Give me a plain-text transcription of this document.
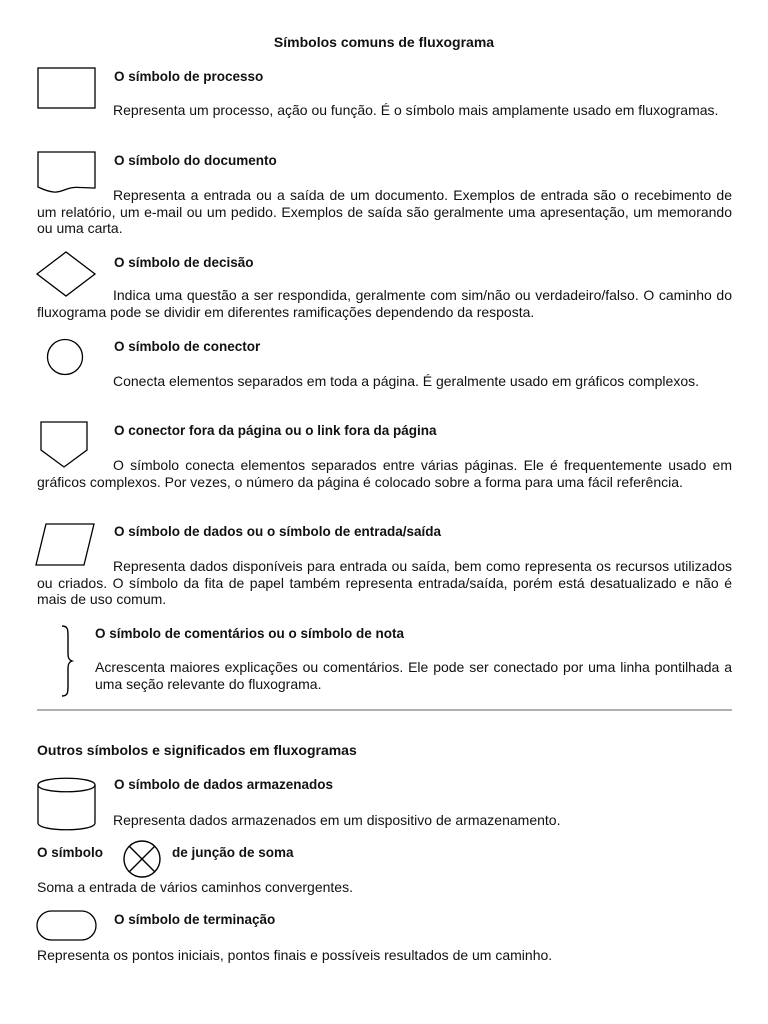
Símbolos comuns de fluxograma
O símbolo de processo
Representa um processo, ação ou função. É o símbolo mais amplamente usado em fluxogramas.
O símbolo do documento
Representa a entrada ou a saída de um documento. Exemplos de entrada são o recebimento de um relatório, um e-mail ou um pedido. Exemplos de saída são geralmente uma apresentação, um memorando ou uma carta.
O símbolo de decisão
Indica uma questão a ser respondida, geralmente com sim/não ou verdadeiro/falso. O caminho do fluxograma pode se dividir em diferentes ramificações dependendo da resposta.
O símbolo de conector
Conecta elementos separados em toda a página. É geralmente usado em gráficos complexos.
O conector fora da página ou o link fora da página
O símbolo conecta elementos separados entre várias páginas. Ele é frequentemente usado em gráficos complexos. Por vezes, o número da página é colocado sobre a forma para uma fácil referência.
O símbolo de dados ou o símbolo de entrada/saída
Representa dados disponíveis para entrada ou saída, bem como representa os recursos utilizados ou criados. O símbolo da fita de papel também representa entrada/saída, porém está desatualizado e não é mais de uso comum.
O símbolo de comentários ou o símbolo de nota
Acrescenta maiores explicações ou comentários. Ele pode ser conectado por uma linha pontilhada a uma seção relevante do fluxograma.
Outros símbolos e significados em fluxogramas
O símbolo de dados armazenados
Representa dados armazenados em um dispositivo de armazenamento.
O símbolo	de junção de soma
Soma a entrada de vários caminhos convergentes.
O símbolo de terminação
Representa os pontos iniciais, pontos finais e possíveis resultados de um caminho.
